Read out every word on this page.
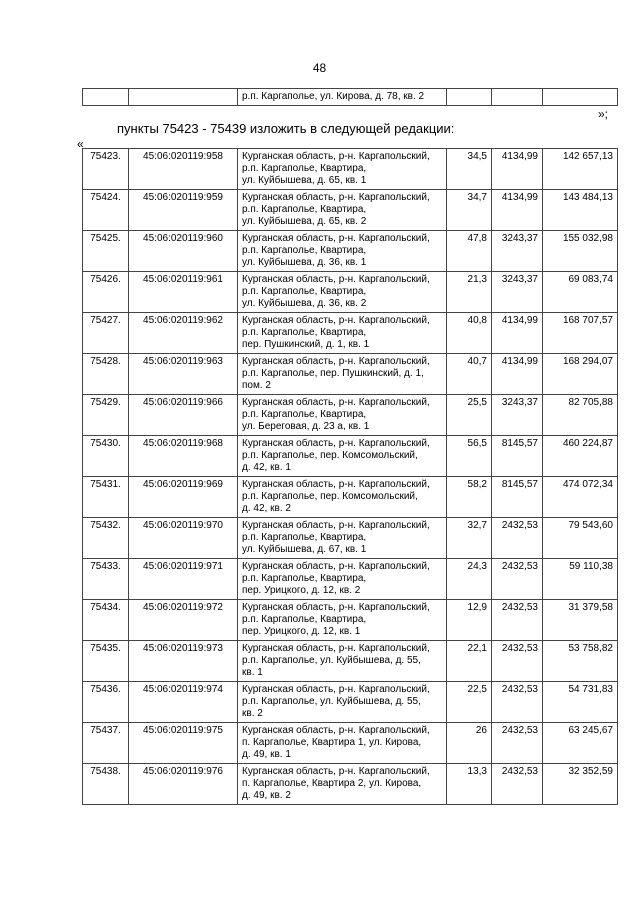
48
		р.п. Каргаполье, ул. Кирова, д. 78, кв. 2			
»;
пункты 75423 - 75439 изложить в следующей редакции:
«
75423.	45:06:020119:958	Курганская область, р-н. Каргапольский,
р.п. Каргаполье, Квартира,
ул. Куйбышева, д. 65, кв. 1	34,5	4134,99	142 657,13
75424.	45:06:020119:959	Курганская область, р-н. Каргапольский,
р.п. Каргаполье, Квартира,
ул. Куйбышева, д. 65, кв. 2	34,7	4134,99	143 484,13
75425.	45:06:020119:960	Курганская область, р-н. Каргапольский,
р.п. Каргаполье, Квартира,
ул. Куйбышева, д. 36, кв. 1	47,8	3243,37	155 032,98
75426.	45:06:020119:961	Курганская область, р-н. Каргапольский,
р.п. Каргаполье, Квартира,
ул. Куйбышева, д. 36, кв. 2	21,3	3243,37	69 083,74
75427.	45:06:020119:962	Курганская область, р-н. Каргапольский,
р.п. Каргаполье, Квартира,
пер. Пушкинский, д. 1, кв. 1	40,8	4134,99	168 707,57
75428.	45:06:020119:963	Курганская область, р-н. Каргапольский,
р.п. Каргаполье, пер. Пушкинский, д. 1,
пом. 2	40,7	4134,99	168 294,07
75429.	45:06:020119:966	Курганская область, р-н. Каргапольский,
р.п. Каргаполье, Квартира,
ул. Береговая, д. 23 а, кв. 1	25,5	3243,37	82 705,88
75430.	45:06:020119:968	Курганская область, р-н. Каргапольский,
р.п. Каргаполье, пер. Комсомольский,
д. 42, кв. 1	56,5	8145,57	460 224,87
75431.	45:06:020119:969	Курганская область, р-н. Каргапольский,
р.п. Каргаполье, пер. Комсомольский,
д. 42, кв. 2	58,2	8145,57	474 072,34
75432.	45:06:020119:970	Курганская область, р-н. Каргапольский,
р.п. Каргаполье, Квартира,
ул. Куйбышева, д. 67, кв. 1	32,7	2432,53	79 543,60
75433.	45:06:020119:971	Курганская область, р-н. Каргапольский,
р.п. Каргаполье, Квартира,
пер. Урицкого, д. 12, кв. 2	24,3	2432,53	59 110,38
75434.	45:06:020119:972	Курганская область, р-н. Каргапольский,
р.п. Каргаполье, Квартира,
пер. Урицкого, д. 12, кв. 1	12,9	2432,53	31 379,58
75435.	45:06:020119:973	Курганская область, р-н. Каргапольский,
р.п. Каргаполье, ул. Куйбышева, д. 55,
кв. 1	22,1	2432,53	53 758,82
75436.	45:06:020119:974	Курганская область, р-н. Каргапольский,
р.п. Каргаполье, ул. Куйбышева, д. 55,
кв. 2	22,5	2432,53	54 731,83
75437.	45:06:020119:975	Курганская область, р-н. Каргапольский,
п. Каргаполье, Квартира 1, ул. Кирова,
д. 49, кв. 1	26	2432,53	63 245,67
75438.	45:06:020119:976	Курганская область, р-н. Каргапольский,
п. Каргаполье, Квартира 2, ул. Кирова,
д. 49, кв. 2	13,3	2432,53	32 352,59
